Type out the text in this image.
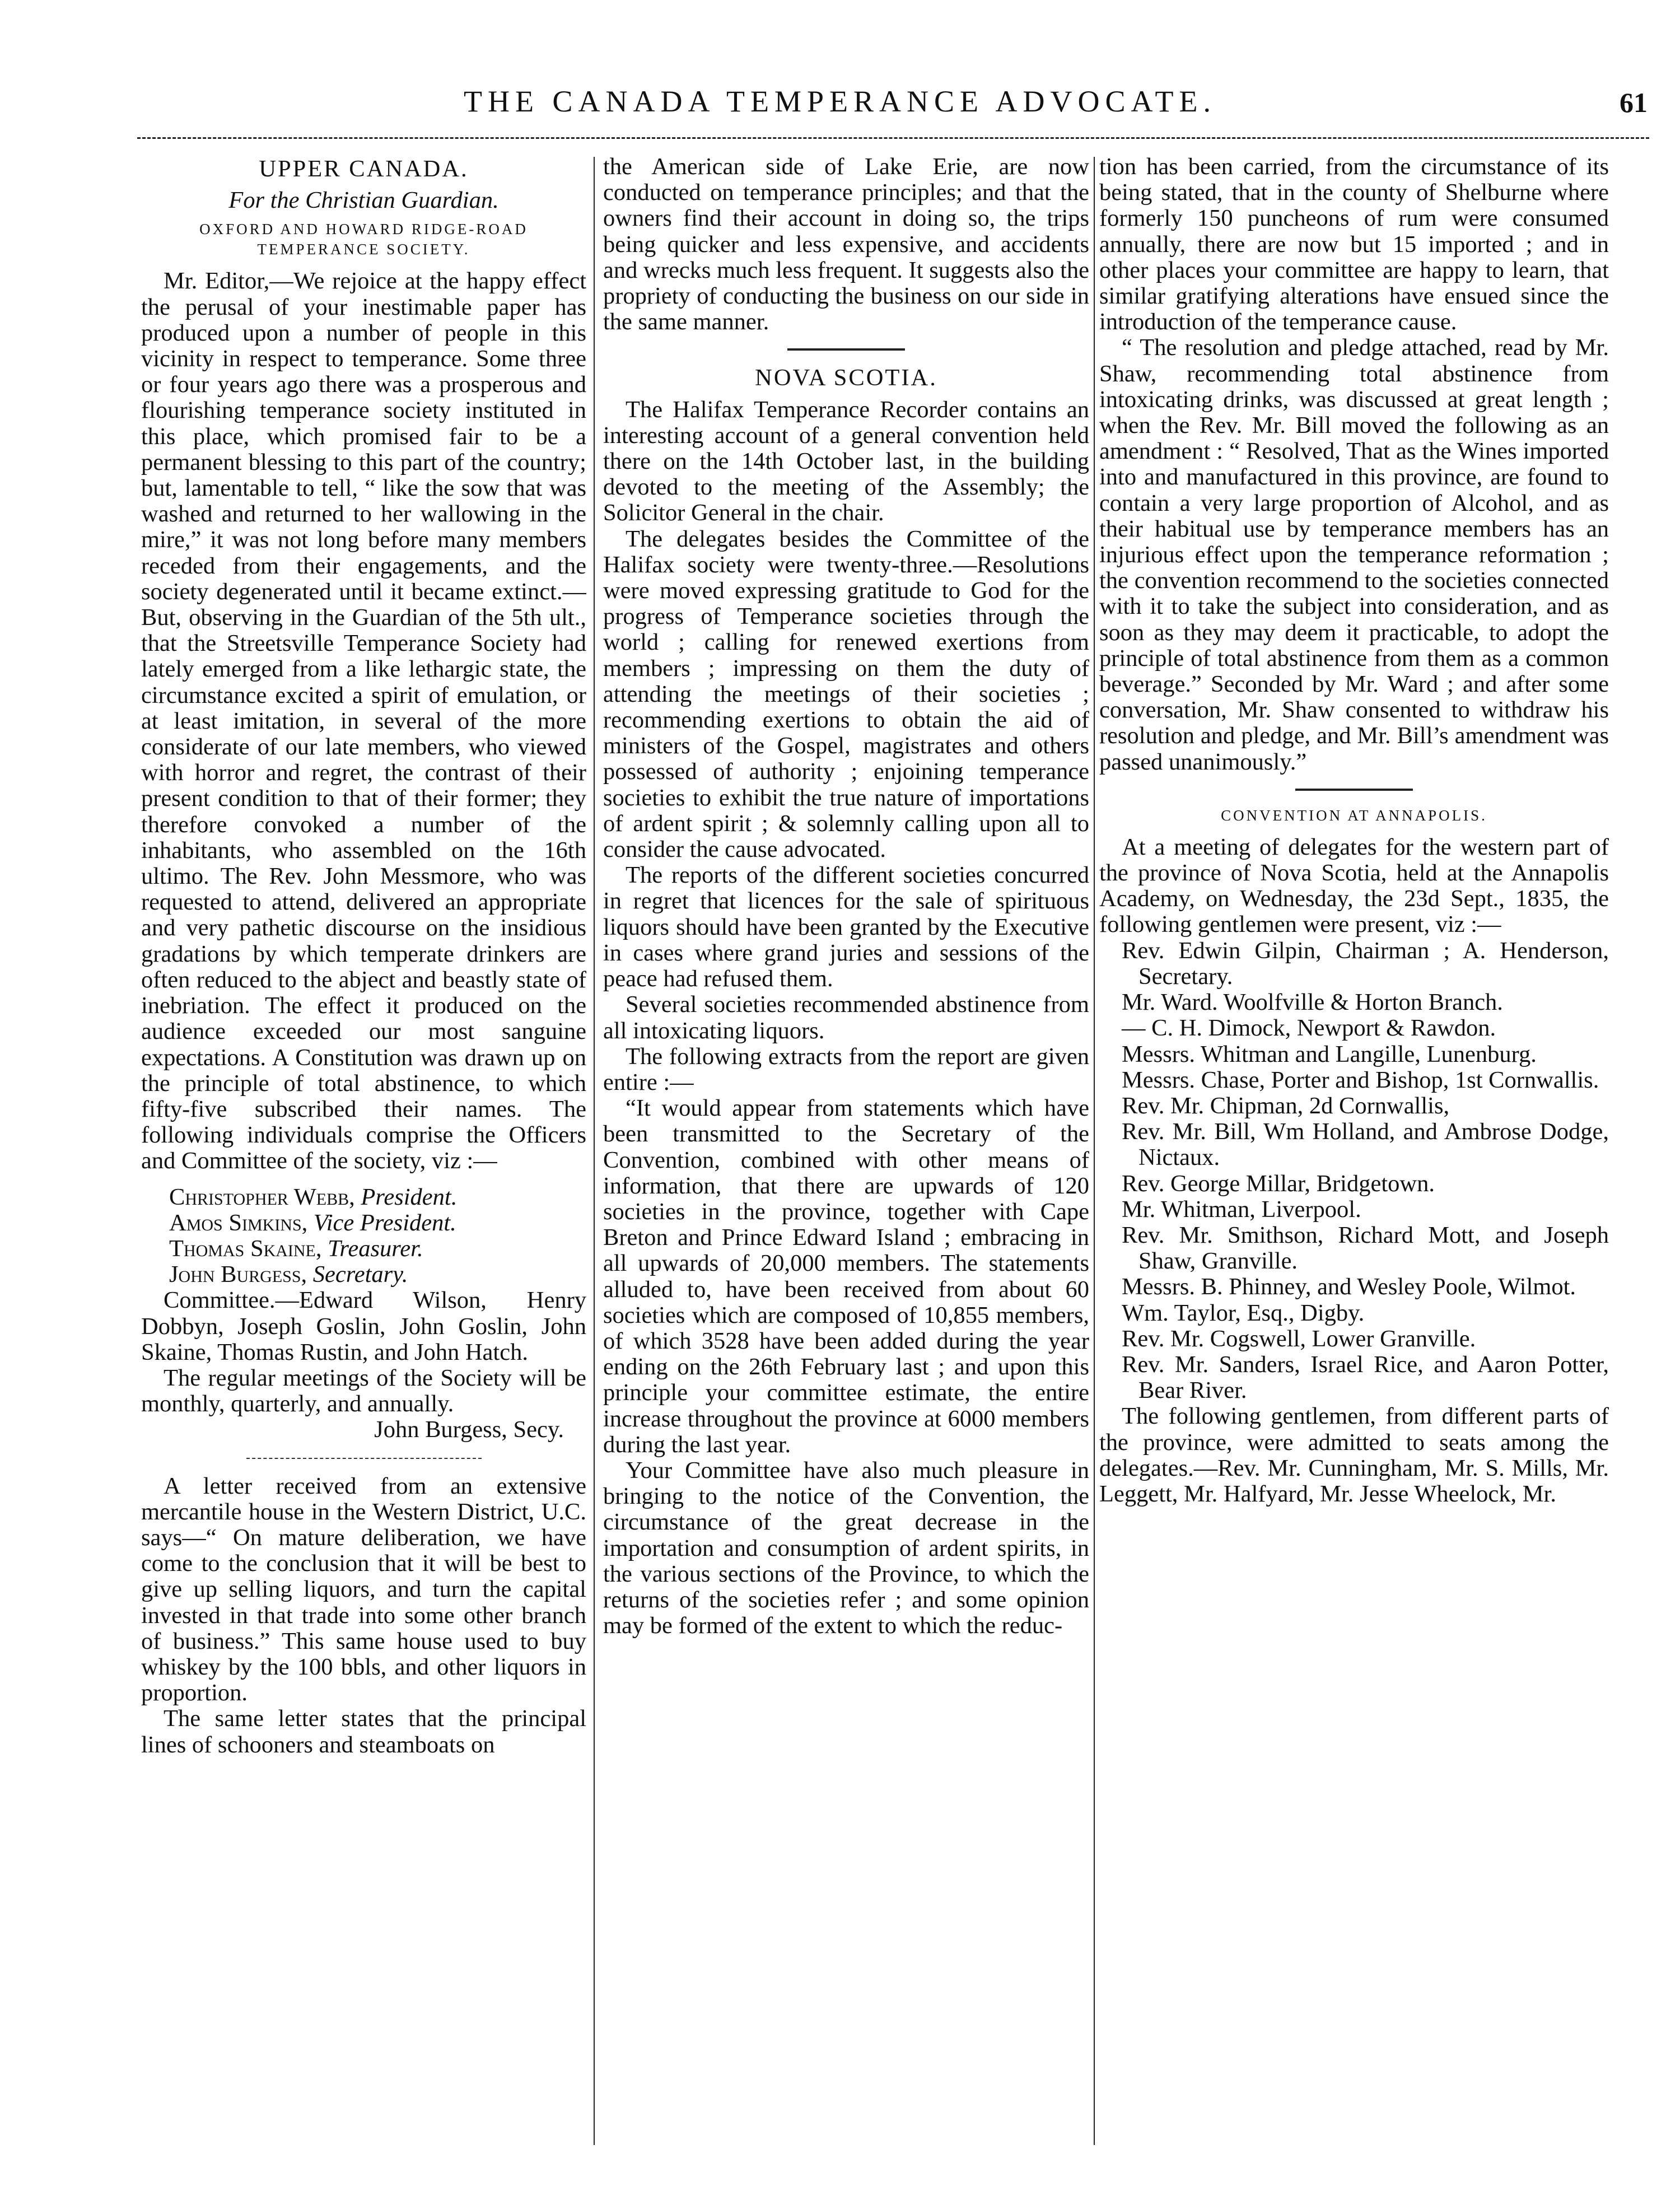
THE CANADA TEMPERANCE ADVOCATE.	61

UPPER CANADA.

For the Christian Guardian.

OXFORD AND HOWARD RIDGE-ROAD TEMPERANCE SOCIETY.

Mr. Editor,—We rejoice at the happy effect the perusal of your inestimable paper has produced upon a number of people in this vicinity in respect to temperance. Some three or four years ago there was a prosperous and flourishing temperance society instituted in this place, which promised fair to be a permanent blessing to this part of the country; but, lamentable to tell, “ like the sow that was washed and returned to her wallowing in the mire,” it was not long before many members receded from their engagements, and the society degenerated until it became extinct.—But, observing in the Guardian of the 5th ult., that the Streetsville Temperance Society had lately emerged from a like lethargic state, the circumstance excited a spirit of emulation, or at least imitation, in several of the more considerate of our late members, who viewed with horror and regret, the contrast of their present condition to that of their former; they therefore convoked a number of the inhabitants, who assembled on the 16th ultimo. The Rev. John Messmore, who was requested to attend, delivered an appropriate and very pathetic discourse on the insidious gradations by which temperate drinkers are often reduced to the abject and beastly state of inebriation. The effect it produced on the audience exceeded our most sanguine expectations. A Constitution was drawn up on the principle of total abstinence, to which fifty-five subscribed their names. The following individuals comprise the Officers and Committee of the society, viz :—

Christopher Webb, President.

Amos Simkins, Vice President.

Thomas Skaine, Treasurer.

John Burgess, Secretary.

Committee.—Edward Wilson, Henry Dobbyn, Joseph Goslin, John Goslin, John Skaine, Thomas Rustin, and John Hatch.

The regular meetings of the Society will be monthly, quarterly, and annually.

John Burgess, Secy.

A letter received from an extensive mercantile house in the Western District, U.C. says—“ On mature deliberation, we have come to the conclusion that it will be best to give up selling liquors, and turn the capital invested in that trade into some other branch of business.” This same house used to buy whiskey by the 100 bbls, and other liquors in proportion.

The same letter states that the principal lines of schooners and steamboats on

the American side of Lake Erie, are now conducted on temperance principles; and that the owners find their account in doing so, the trips being quicker and less expensive, and accidents and wrecks much less frequent. It suggests also the propriety of conducting the business on our side in the same manner.

NOVA SCOTIA.

The Halifax Temperance Recorder contains an interesting account of a general convention held there on the 14th October last, in the building devoted to the meeting of the Assembly; the Solicitor General in the chair.

The delegates besides the Committee of the Halifax society were twenty-three.—Resolutions were moved expressing gratitude to God for the progress of Temperance societies through the world ; calling for renewed exertions from members ; impressing on them the duty of attending the meetings of their societies ; recommending exertions to obtain the aid of ministers of the Gospel, magistrates and others possessed of authority ; enjoining temperance societies to exhibit the true nature of importations of ardent spirit ; & solemnly calling upon all to consider the cause advocated.

The reports of the different societies concurred in regret that licences for the sale of spirituous liquors should have been granted by the Executive in cases where grand juries and sessions of the peace had refused them.

Several societies recommended abstinence from all intoxicating liquors.

The following extracts from the report are given entire :—

“It would appear from statements which have been transmitted to the Secretary of the Convention, combined with other means of information, that there are upwards of 120 societies in the province, together with Cape Breton and Prince Edward Island ; embracing in all upwards of 20,000 members. The statements alluded to, have been received from about 60 societies which are composed of 10,855 members, of which 3528 have been added during the year ending on the 26th February last ; and upon this principle your committee estimate, the entire increase throughout the province at 6000 members during the last year.

Your Committee have also much pleasure in bringing to the notice of the Convention, the circumstance of the great decrease in the importation and consumption of ardent spirits, in the various sections of the Province, to which the returns of the societies refer ; and some opinion may be formed of the extent to which the reduc-

tion has been carried, from the circumstance of its being stated, that in the county of Shelburne where formerly 150 puncheons of rum were consumed annually, there are now but 15 imported ; and in other places your committee are happy to learn, that similar gratifying alterations have ensued since the introduction of the temperance cause.

“ The resolution and pledge attached, read by Mr. Shaw, recommending total abstinence from intoxicating drinks, was discussed at great length ; when the Rev. Mr. Bill moved the following as an amendment : “ Resolved, That as the Wines imported into and manufactured in this province, are found to contain a very large proportion of Alcohol, and as their habitual use by temperance members has an injurious effect upon the temperance reformation ; the convention recommend to the societies connected with it to take the subject into consideration, and as soon as they may deem it practicable, to adopt the principle of total abstinence from them as a common beverage.” Seconded by Mr. Ward ; and after some conversation, Mr. Shaw consented to withdraw his resolution and pledge, and Mr. Bill’s amendment was passed unanimously.”

CONVENTION AT ANNAPOLIS.

At a meeting of delegates for the western part of the province of Nova Scotia, held at the Annapolis Academy, on Wednesday, the 23d Sept., 1835, the following gentlemen were present, viz :—

Rev. Edwin Gilpin, Chairman ; A. Henderson, Secretary.

Mr. Ward. Woolfville & Horton Branch.

— C. H. Dimock, Newport & Rawdon.

Messrs. Whitman and Langille, Lunenburg.

Messrs. Chase, Porter and Bishop, 1st Cornwallis.

Rev. Mr. Chipman, 2d Cornwallis,

Rev. Mr. Bill, Wm Holland, and Ambrose Dodge, Nictaux.

Rev. George Millar, Bridgetown.

Mr. Whitman, Liverpool.

Rev. Mr. Smithson, Richard Mott, and Joseph Shaw, Granville.

Messrs. B. Phinney, and Wesley Poole, Wilmot.

Wm. Taylor, Esq., Digby.

Rev. Mr. Cogswell, Lower Granville.

Rev. Mr. Sanders, Israel Rice, and Aaron Potter, Bear River.

The following gentlemen, from different parts of the province, were admitted to seats among the delegates.—Rev. Mr. Cunningham, Mr. S. Mills, Mr. Leggett, Mr. Halfyard, Mr. Jesse Wheelock, Mr.
